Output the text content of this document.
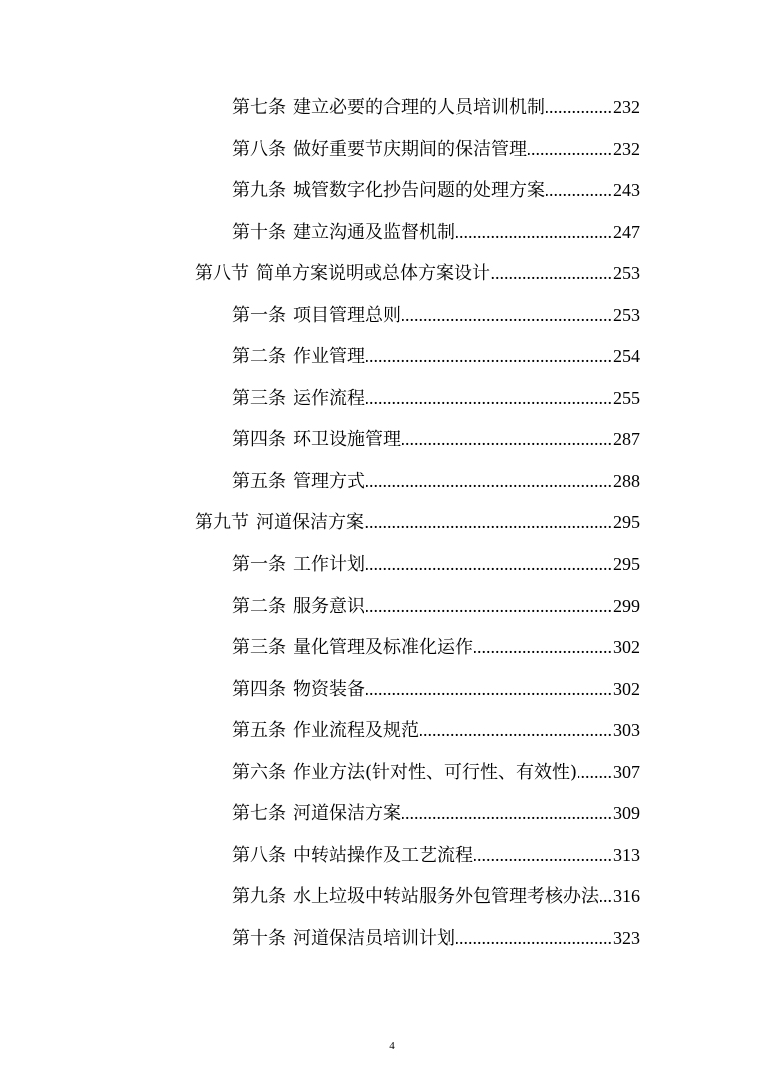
第七条 建立必要的合理的人员培训机制 .....	232
第八条 做好重要节庆期间的保洁管理 .....	232
第九条 城管数字化抄告问题的处理方案 .....	243
第十条 建立沟通及监督机制 .....	247
第八节 简单方案说明或总体方案设计 .....	253
第一条 项目管理总则 .....	253
第二条 作业管理 .....	254
第三条 运作流程 .....	255
第四条 环卫设施管理 .....	287
第五条 管理方式 .....	288
第九节 河道保洁方案 .....	295
第一条 工作计划 .....	295
第二条 服务意识 .....	299
第三条 量化管理及标准化运作 .....	302
第四条 物资装备 .....	302
第五条 作业流程及规范 .....	303
第六条 作业方法(针对性、可行性、有效性) ..... 307
第七条 河道保洁方案 .....	309
第八条 中转站操作及工艺流程 .....	313
第九条 水上垃圾中转站服务外包管理考核办法 ..... 316
第十条 河道保洁员培训计划 .....	323
4
